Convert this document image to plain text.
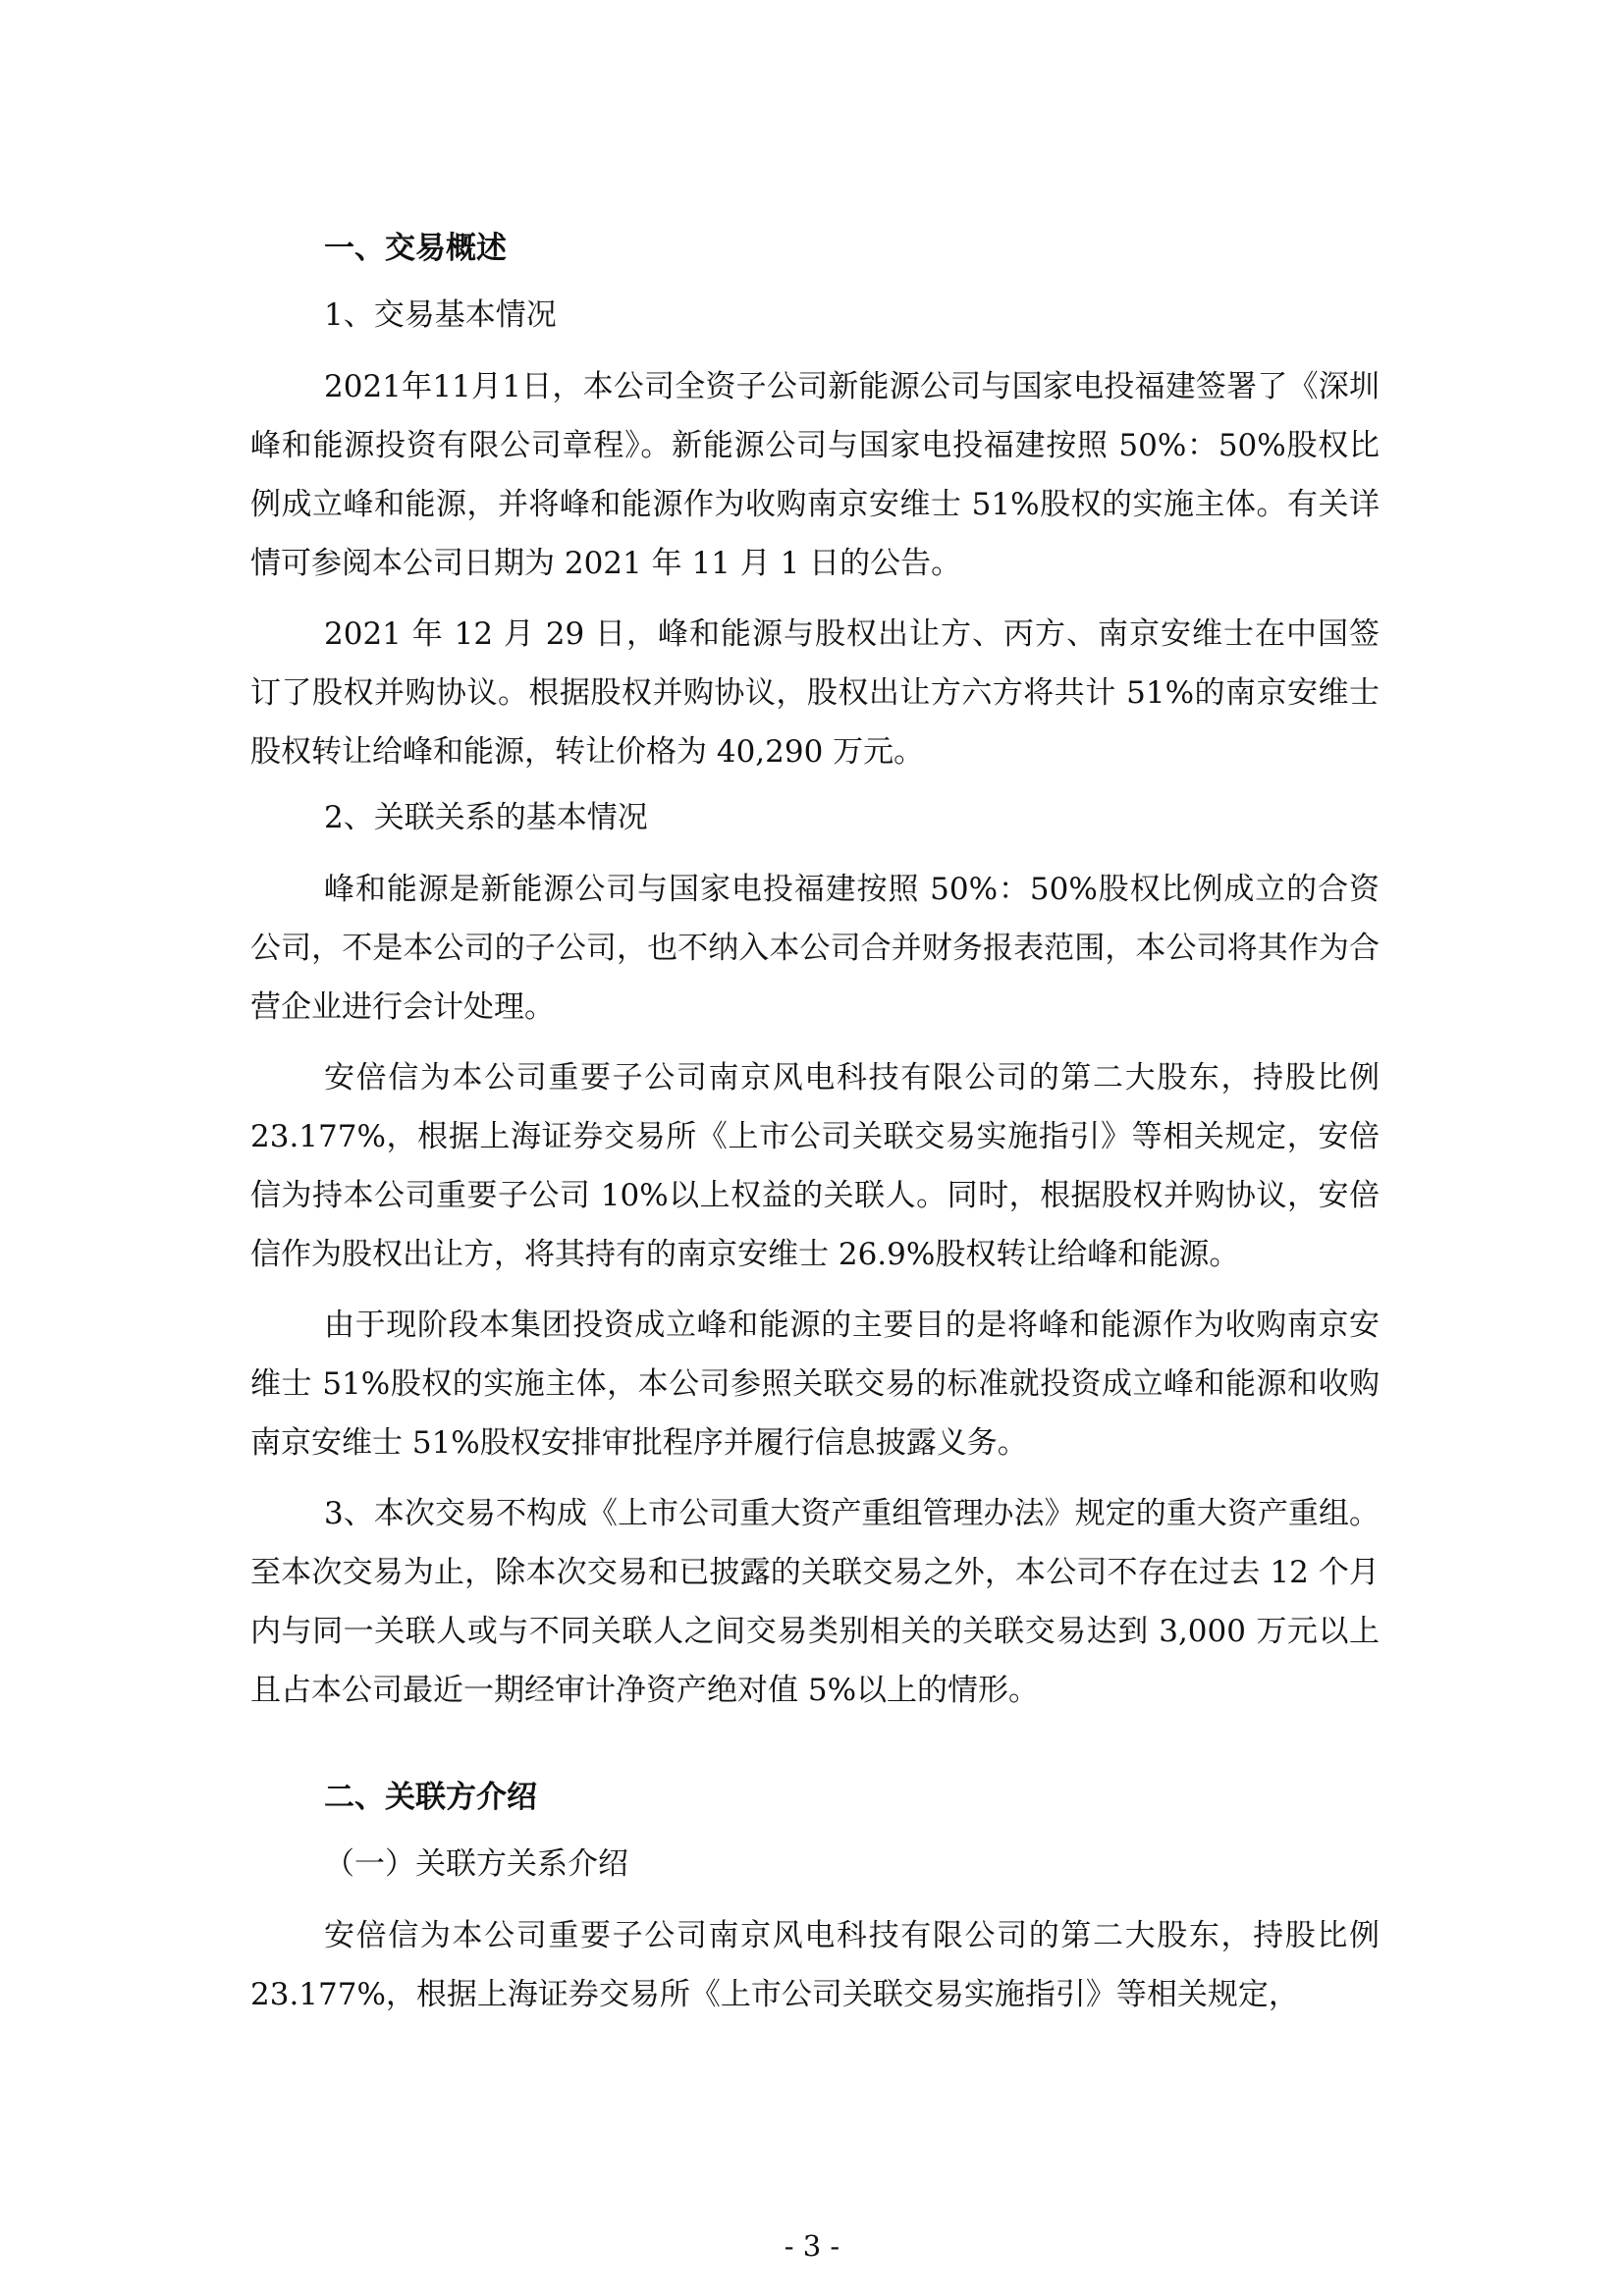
一、交易概述
1、交易基本情况

2021年11月1日，本公司全资子公司新能源公司与国家电投福建签署了《深圳峰和能源投资有限公司章程》。新能源公司与国家电投福建按照 50%：50%股权比例成立峰和能源，并将峰和能源作为收购南京安维士 51%股权的实施主体。有关详情可参阅本公司日期为 2021 年 11 月 1 日的公告。

2021 年 12 月 29 日，峰和能源与股权出让方、丙方、南京安维士在中国签订了股权并购协议。根据股权并购协议，股权出让方六方将共计 51%的南京安维士股权转让给峰和能源，转让价格为 40,290 万元。

2、关联关系的基本情况

峰和能源是新能源公司与国家电投福建按照 50%：50%股权比例成立的合资公司，不是本公司的子公司，也不纳入本公司合并财务报表范围，本公司将其作为合营企业进行会计处理。

安倍信为本公司重要子公司南京风电科技有限公司的第二大股东，持股比例 23.177%，根据上海证券交易所《上市公司关联交易实施指引》等相关规定，安倍信为持本公司重要子公司 10%以上权益的关联人。同时，根据股权并购协议，安倍信作为股权出让方，将其持有的南京安维士 26.9%股权转让给峰和能源。

由于现阶段本集团投资成立峰和能源的主要目的是将峰和能源作为收购南京安维士 51%股权的实施主体，本公司参照关联交易的标准就投资成立峰和能源和收购南京安维士 51%股权安排审批程序并履行信息披露义务。

3、本次交易不构成《上市公司重大资产重组管理办法》规定的重大资产重组。至本次交易为止，除本次交易和已披露的关联交易之外，本公司不存在过去 12 个月内与同一关联人或与不同关联人之间交易类别相关的关联交易达到 3,000 万元以上且占本公司最近一期经审计净资产绝对值 5%以上的情形。

二、关联方介绍
（一）关联方关系介绍

安倍信为本公司重要子公司南京风电科技有限公司的第二大股东，持股比例 23.177%，根据上海证券交易所《上市公司关联交易实施指引》等相关规定，

- 3 -
